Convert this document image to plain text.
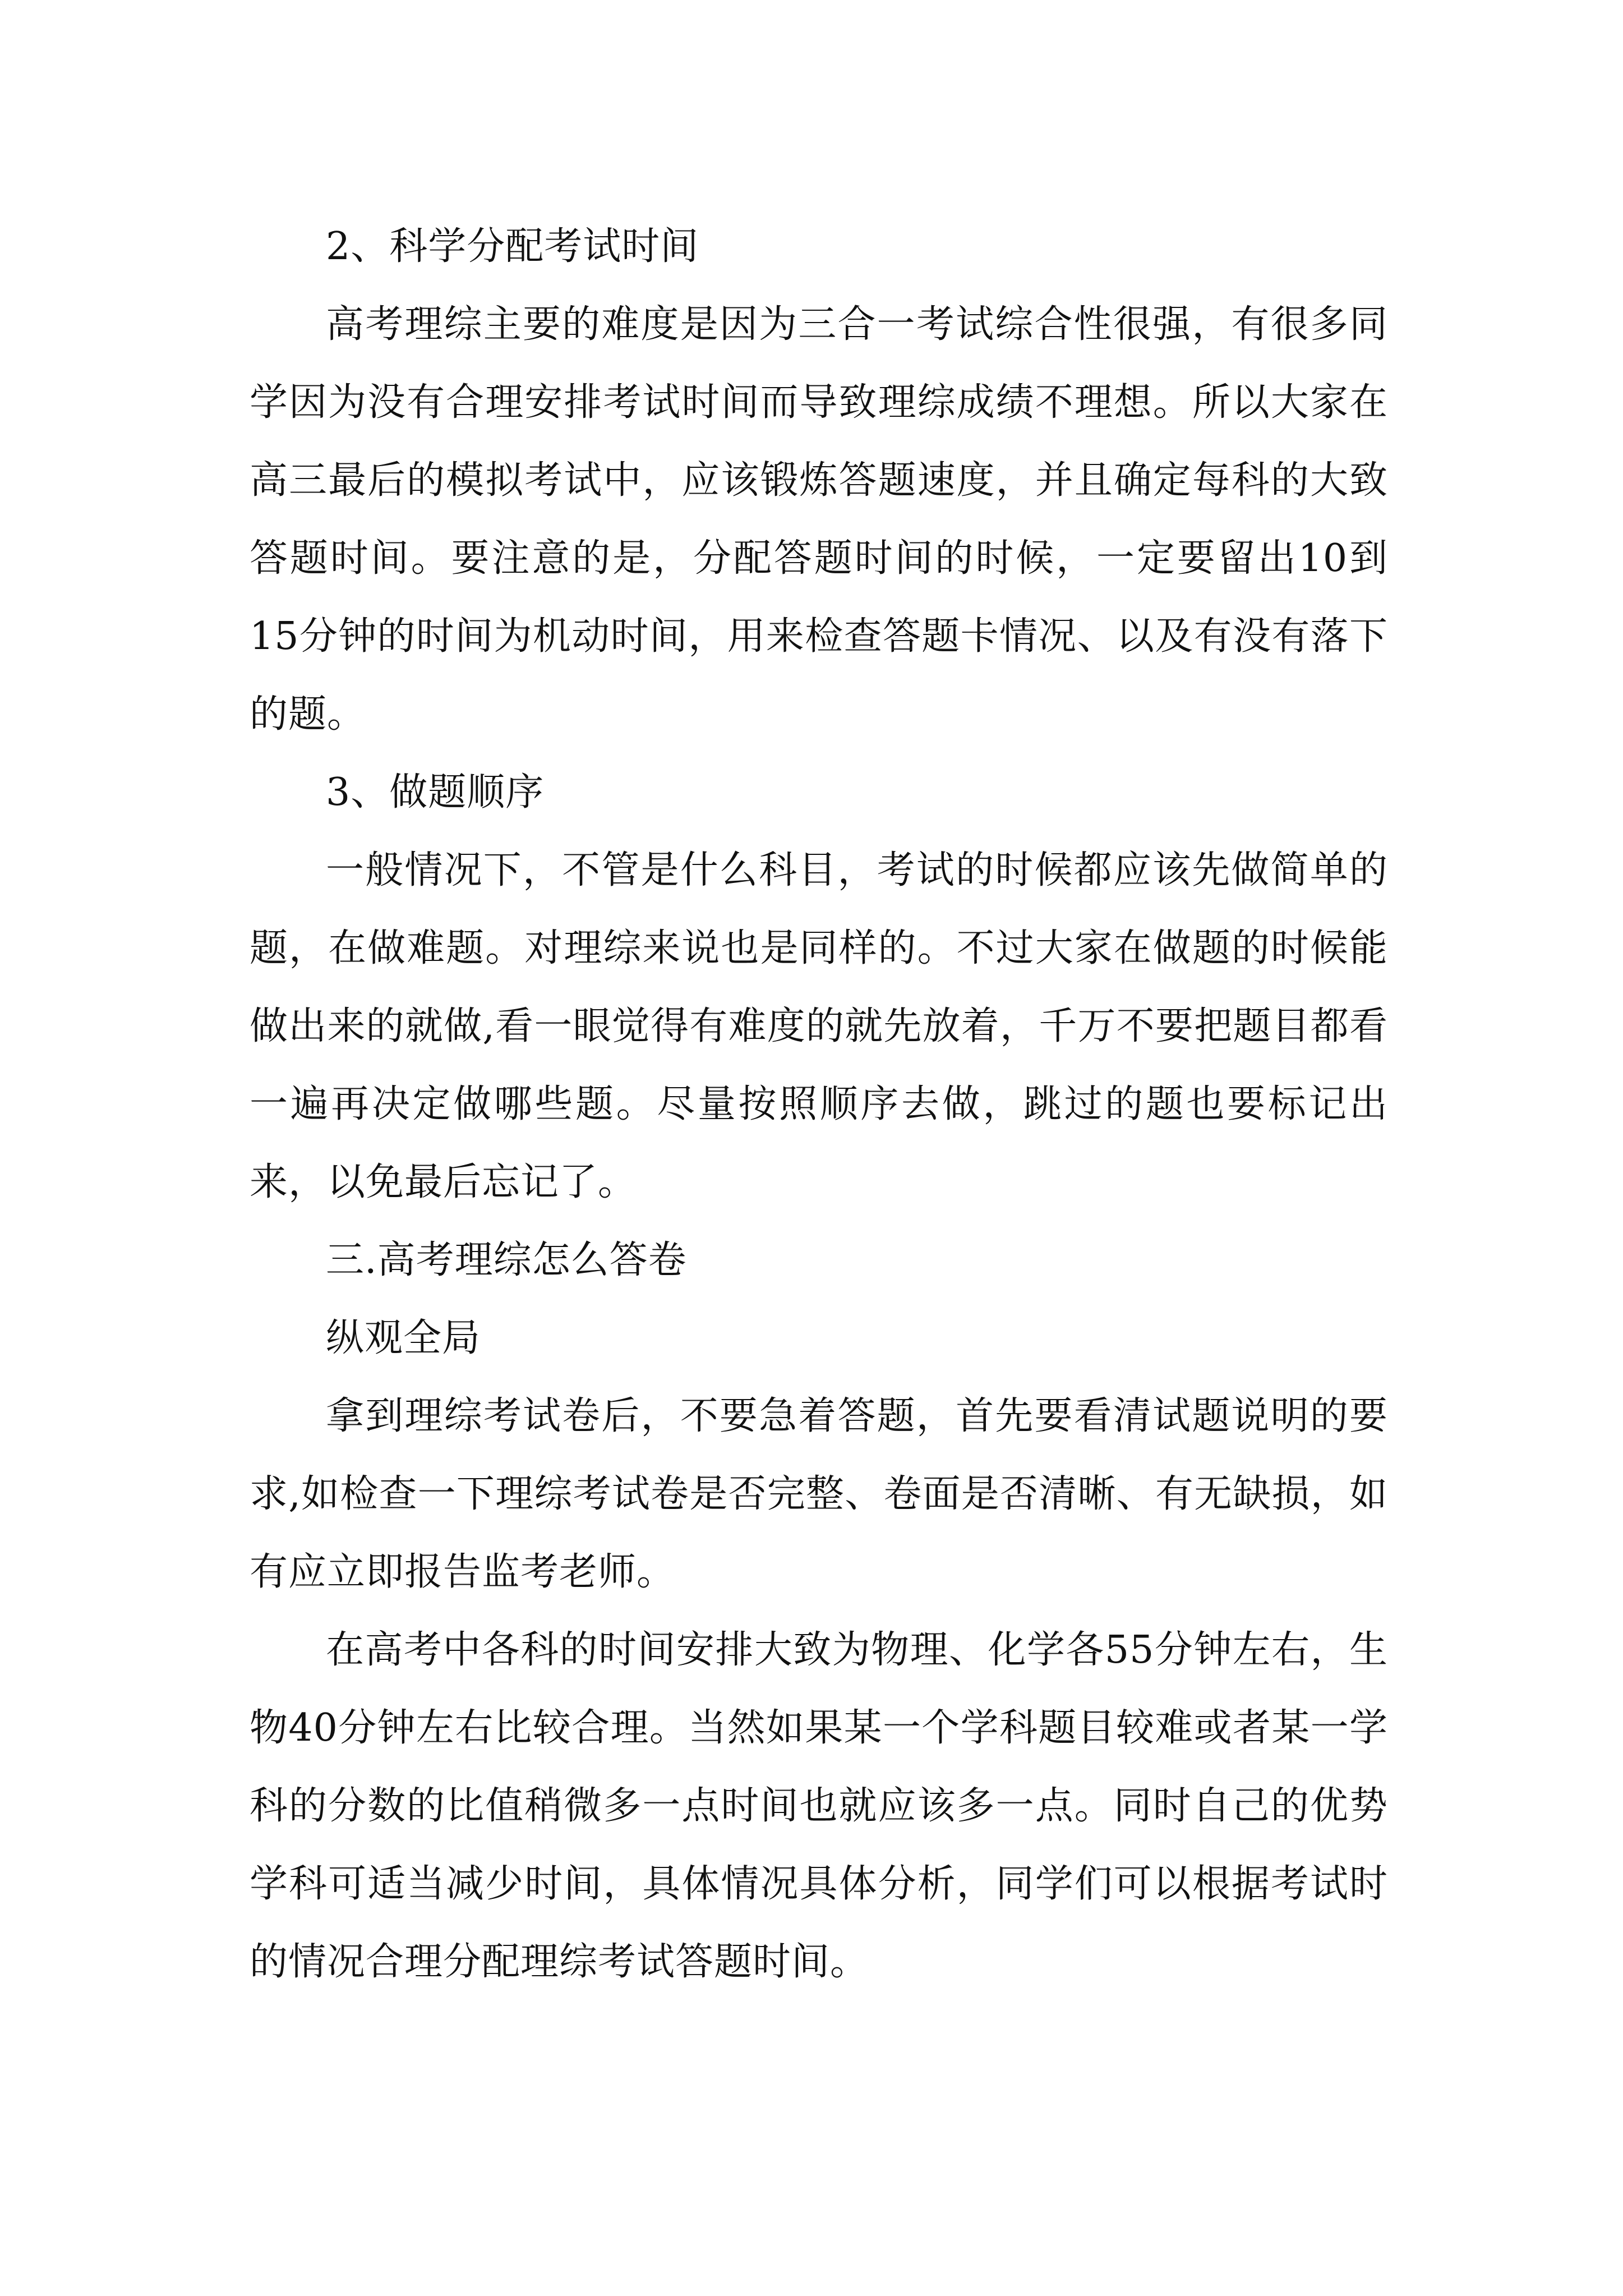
2、科学分配考试时间

高考理综主要的难度是因为三合一考试综合性很强，有很多同学因为没有合理安排考试时间而导致理综成绩不理想。所以大家在高三最后的模拟考试中，应该锻炼答题速度，并且确定每科的大致答题时间。要注意的是，分配答题时间的时候，一定要留出10到15分钟的时间为机动时间，用来检查答题卡情况、以及有没有落下的题。

3、做题顺序

一般情况下，不管是什么科目，考试的时候都应该先做简单的题，在做难题。对理综来说也是同样的。不过大家在做题的时候能做出来的就做,看一眼觉得有难度的就先放着，千万不要把题目都看一遍再决定做哪些题。尽量按照顺序去做，跳过的题也要标记出来，以免最后忘记了。

三.高考理综怎么答卷

纵观全局

拿到理综考试卷后，不要急着答题，首先要看清试题说明的要求,如检查一下理综考试卷是否完整、卷面是否清晰、有无缺损，如有应立即报告监考老师。

在高考中各科的时间安排大致为物理、化学各55分钟左右，生物40分钟左右比较合理。当然如果某一个学科题目较难或者某一学科的分数的比值稍微多一点时间也就应该多一点。同时自己的优势学科可适当减少时间，具体情况具体分析，同学们可以根据考试时的情况合理分配理综考试答题时间。
